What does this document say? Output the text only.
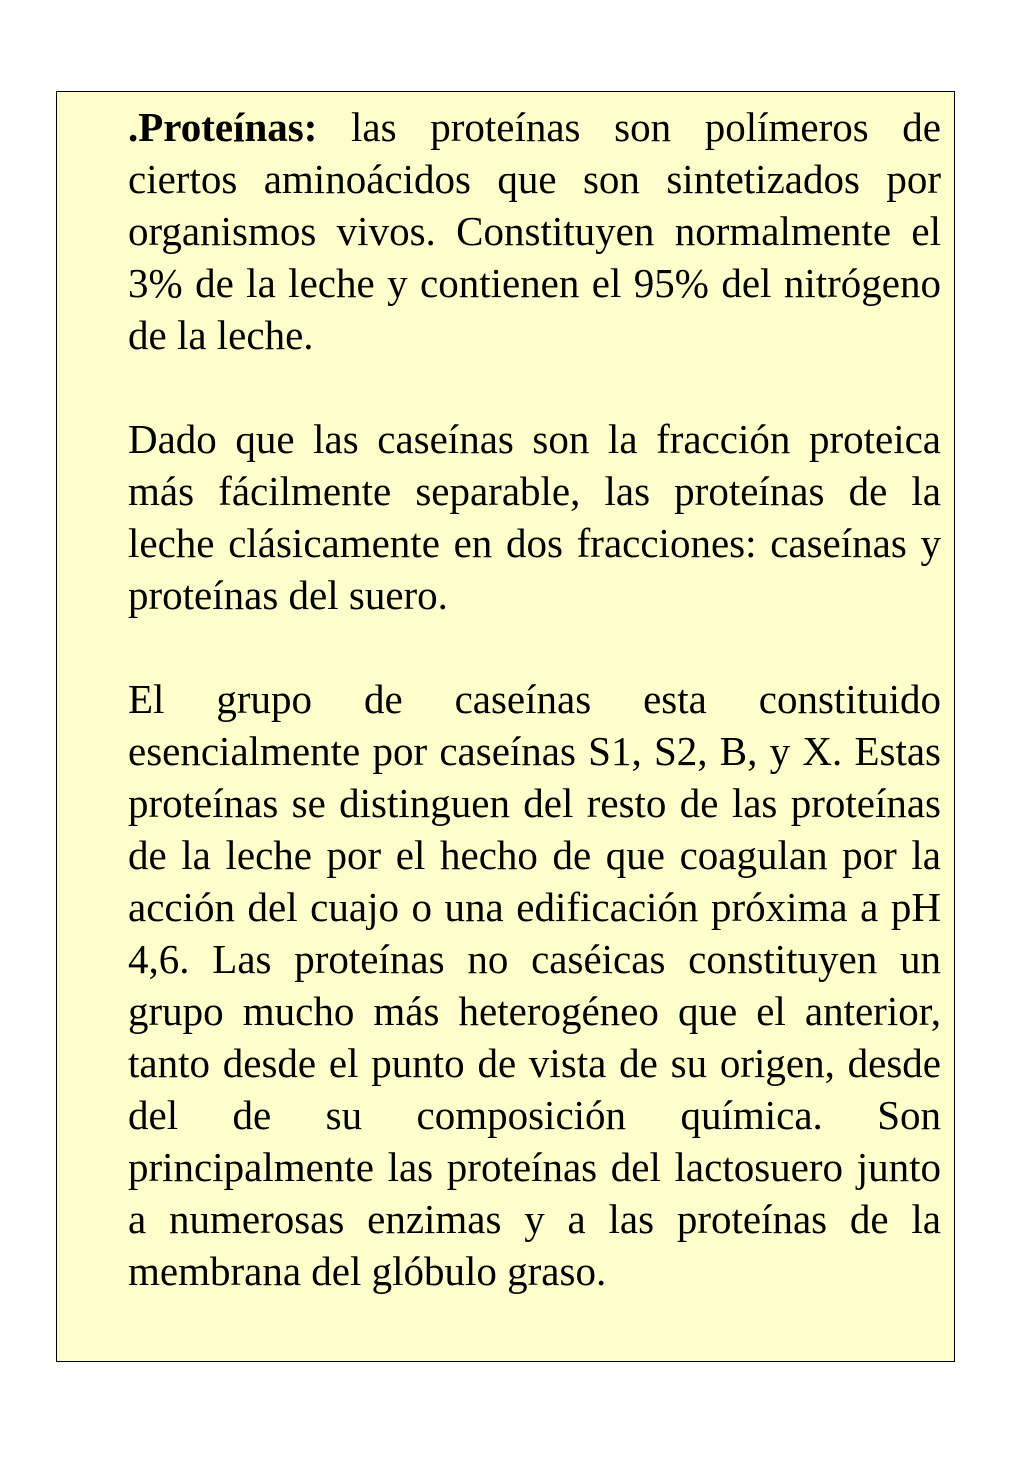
.Proteínas: las proteínas son polímeros de ciertos aminoácidos que son sintetizados por organismos vivos. Constituyen normalmente el 3% de la leche y contienen el 95% del nitrógeno de la leche.

Dado que las caseínas son la fracción proteica más fácilmente separable, las proteínas de la leche clásicamente en dos fracciones: caseínas y proteínas del suero.

El grupo de caseínas esta constituido esencialmente por caseínas S1, S2, B, y X. Estas proteínas se distinguen del resto de las proteínas de la leche por el hecho de que coagulan por la acción del cuajo o una edificación próxima a pH 4,6. Las proteínas no caséicas constituyen un grupo mucho más heterogéneo que el anterior, tanto desde el punto de vista de su origen, desde del de su composición química. Son principalmente las proteínas del lactosuero junto a numerosas enzimas y a las proteínas de la membrana del glóbulo graso.
